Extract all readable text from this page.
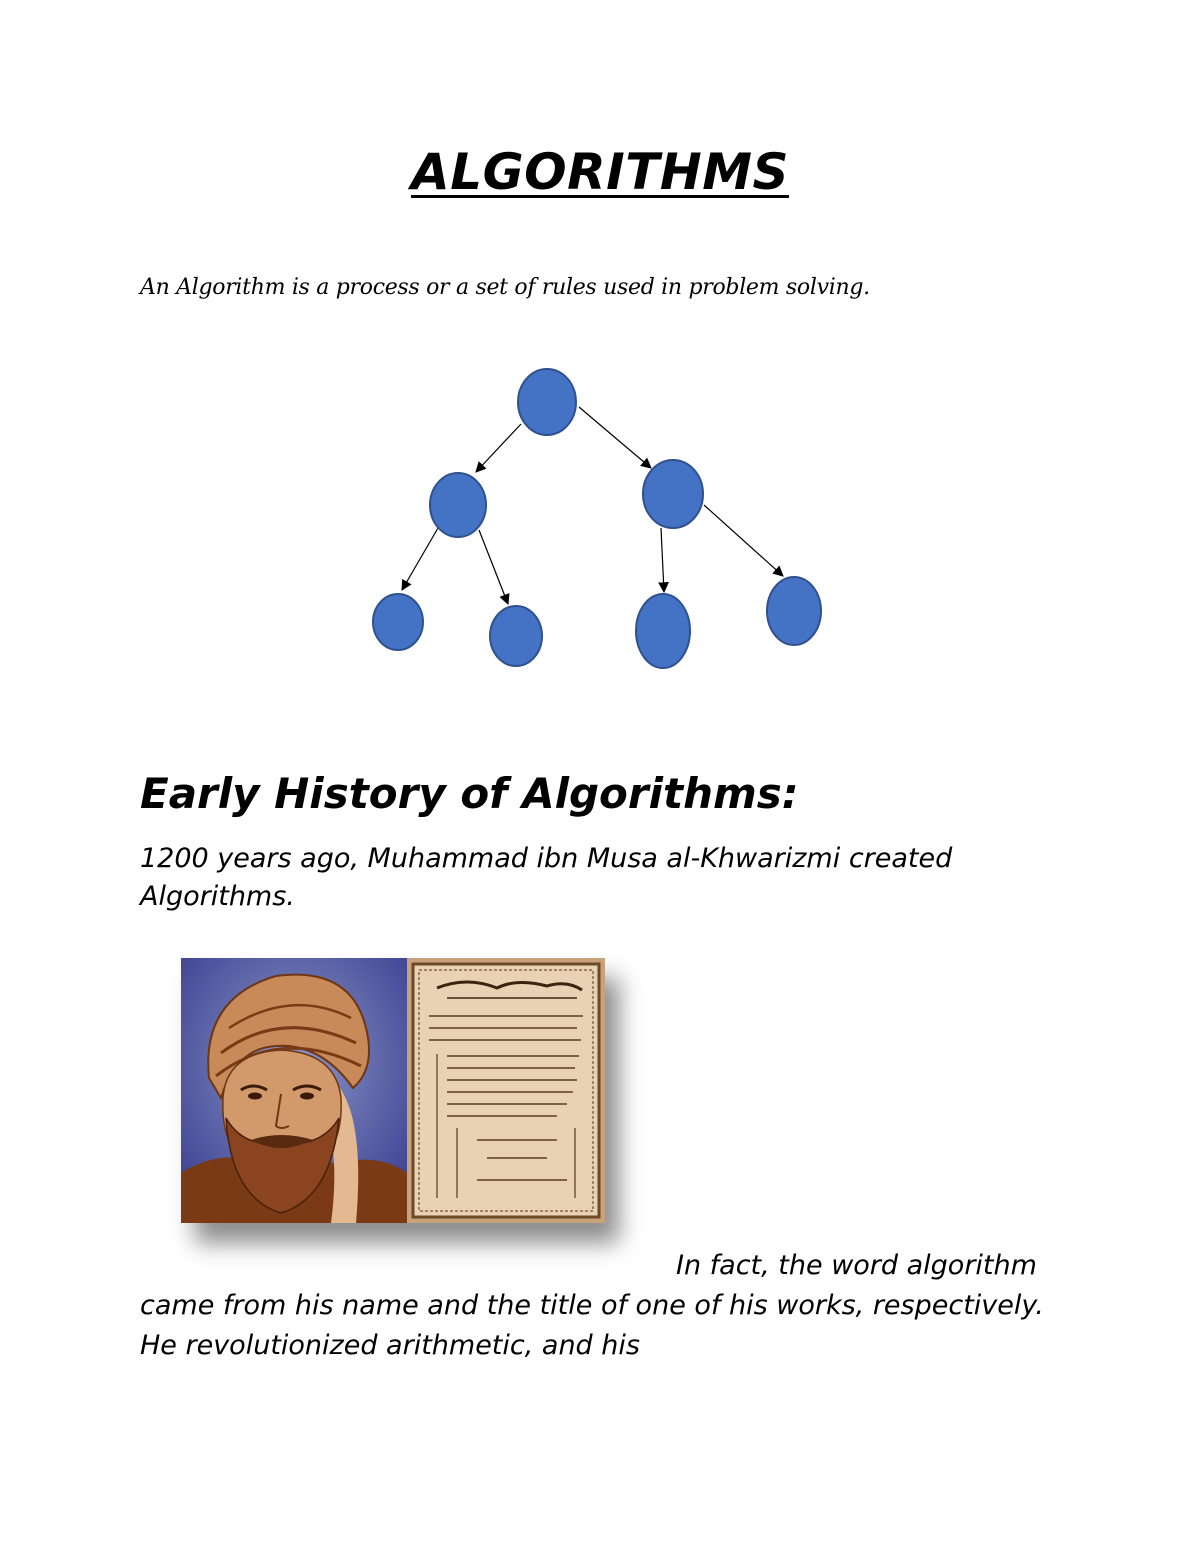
ALGORITHMS

An Algorithm is a process or a set of rules used in problem solving.

Early History of Algorithms:

1200 years ago, Muhammad ibn Musa al-Khwarizmi created Algorithms.

In fact, the word algorithm came from his name and the title of one of his works, respectively. He revolutionized arithmetic, and his
